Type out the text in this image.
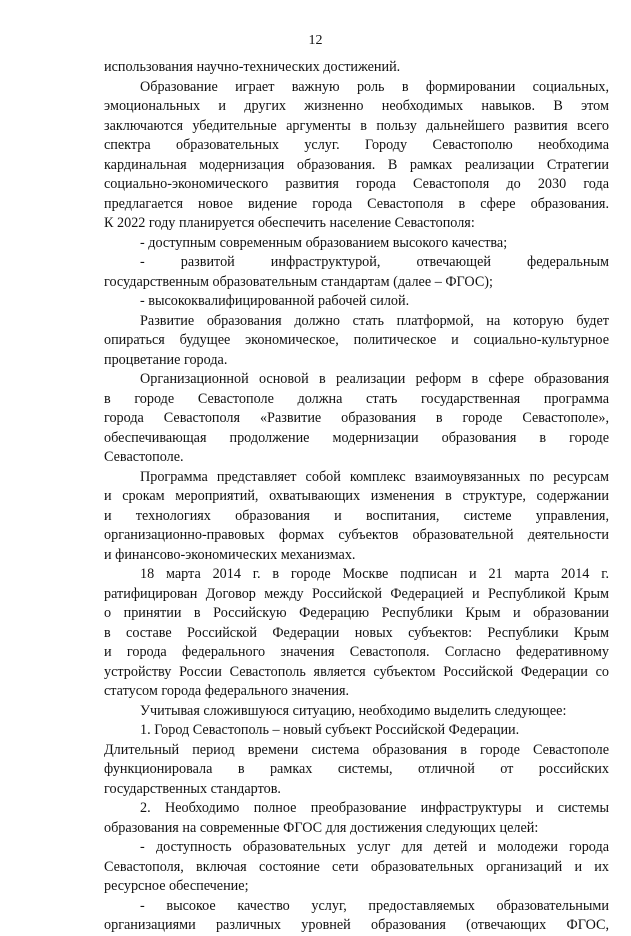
12
использования научно-технических достижений.
Образование играет важную роль в формировании социальных,
эмоциональных и других жизненно необходимых навыков. В этом
заключаются убедительные аргументы в пользу дальнейшего развития всего
спектра образовательных услуг. Городу Севастополю необходима
кардинальная модернизация образования. В рамках реализации Стратегии
социально-экономического развития города Севастополя до 2030 года
предлагается новое видение города Севастополя в сфере образования.
К 2022 году планируется обеспечить население Севастополя:
- доступным современным образованием высокого качества;
- развитой инфраструктурой, отвечающей федеральным
государственным образовательным стандартам (далее – ФГОС);
- высококвалифицированной рабочей силой.
Развитие образования должно стать платформой, на которую будет
опираться будущее экономическое, политическое и социально-культурное
процветание города.
Организационной основой в реализации реформ в сфере образования
в городе Севастополе должна стать государственная программа
города Севастополя «Развитие образования в городе Севастополе»,
обеспечивающая продолжение модернизации образования в городе
Севастополе.
Программа представляет собой комплекс взаимоувязанных по ресурсам
и срокам мероприятий, охватывающих изменения в структуре, содержании
и технологиях образования и воспитания, системе управления,
организационно-правовых формах субъектов образовательной деятельности
и финансово-экономических механизмах.
18 марта 2014 г. в городе Москве подписан и 21 марта 2014 г.
ратифицирован Договор между Российской Федерацией и Республикой Крым
о принятии в Российскую Федерацию Республики Крым и образовании
в составе Российской Федерации новых субъектов: Республики Крым
и города федерального значения Севастополя. Согласно федеративному
устройству России Севастополь является субъектом Российской Федерации со
статусом города федерального значения.
Учитывая сложившуюся ситуацию, необходимо выделить следующее:
1. Город Севастополь – новый субъект Российской Федерации.
Длительный период времени система образования в городе Севастополе
функционировала в рамках системы, отличной от российских
государственных стандартов.
2. Необходимо полное преобразование инфраструктуры и системы
образования на современные ФГОС для достижения следующих целей:
- доступность образовательных услуг для детей и молодежи города
Севастополя, включая состояние сети образовательных организаций и их
ресурсное обеспечение;
- высокое качество услуг, предоставляемых образовательными
организациями различных уровней образования (отвечающих ФГОС,
